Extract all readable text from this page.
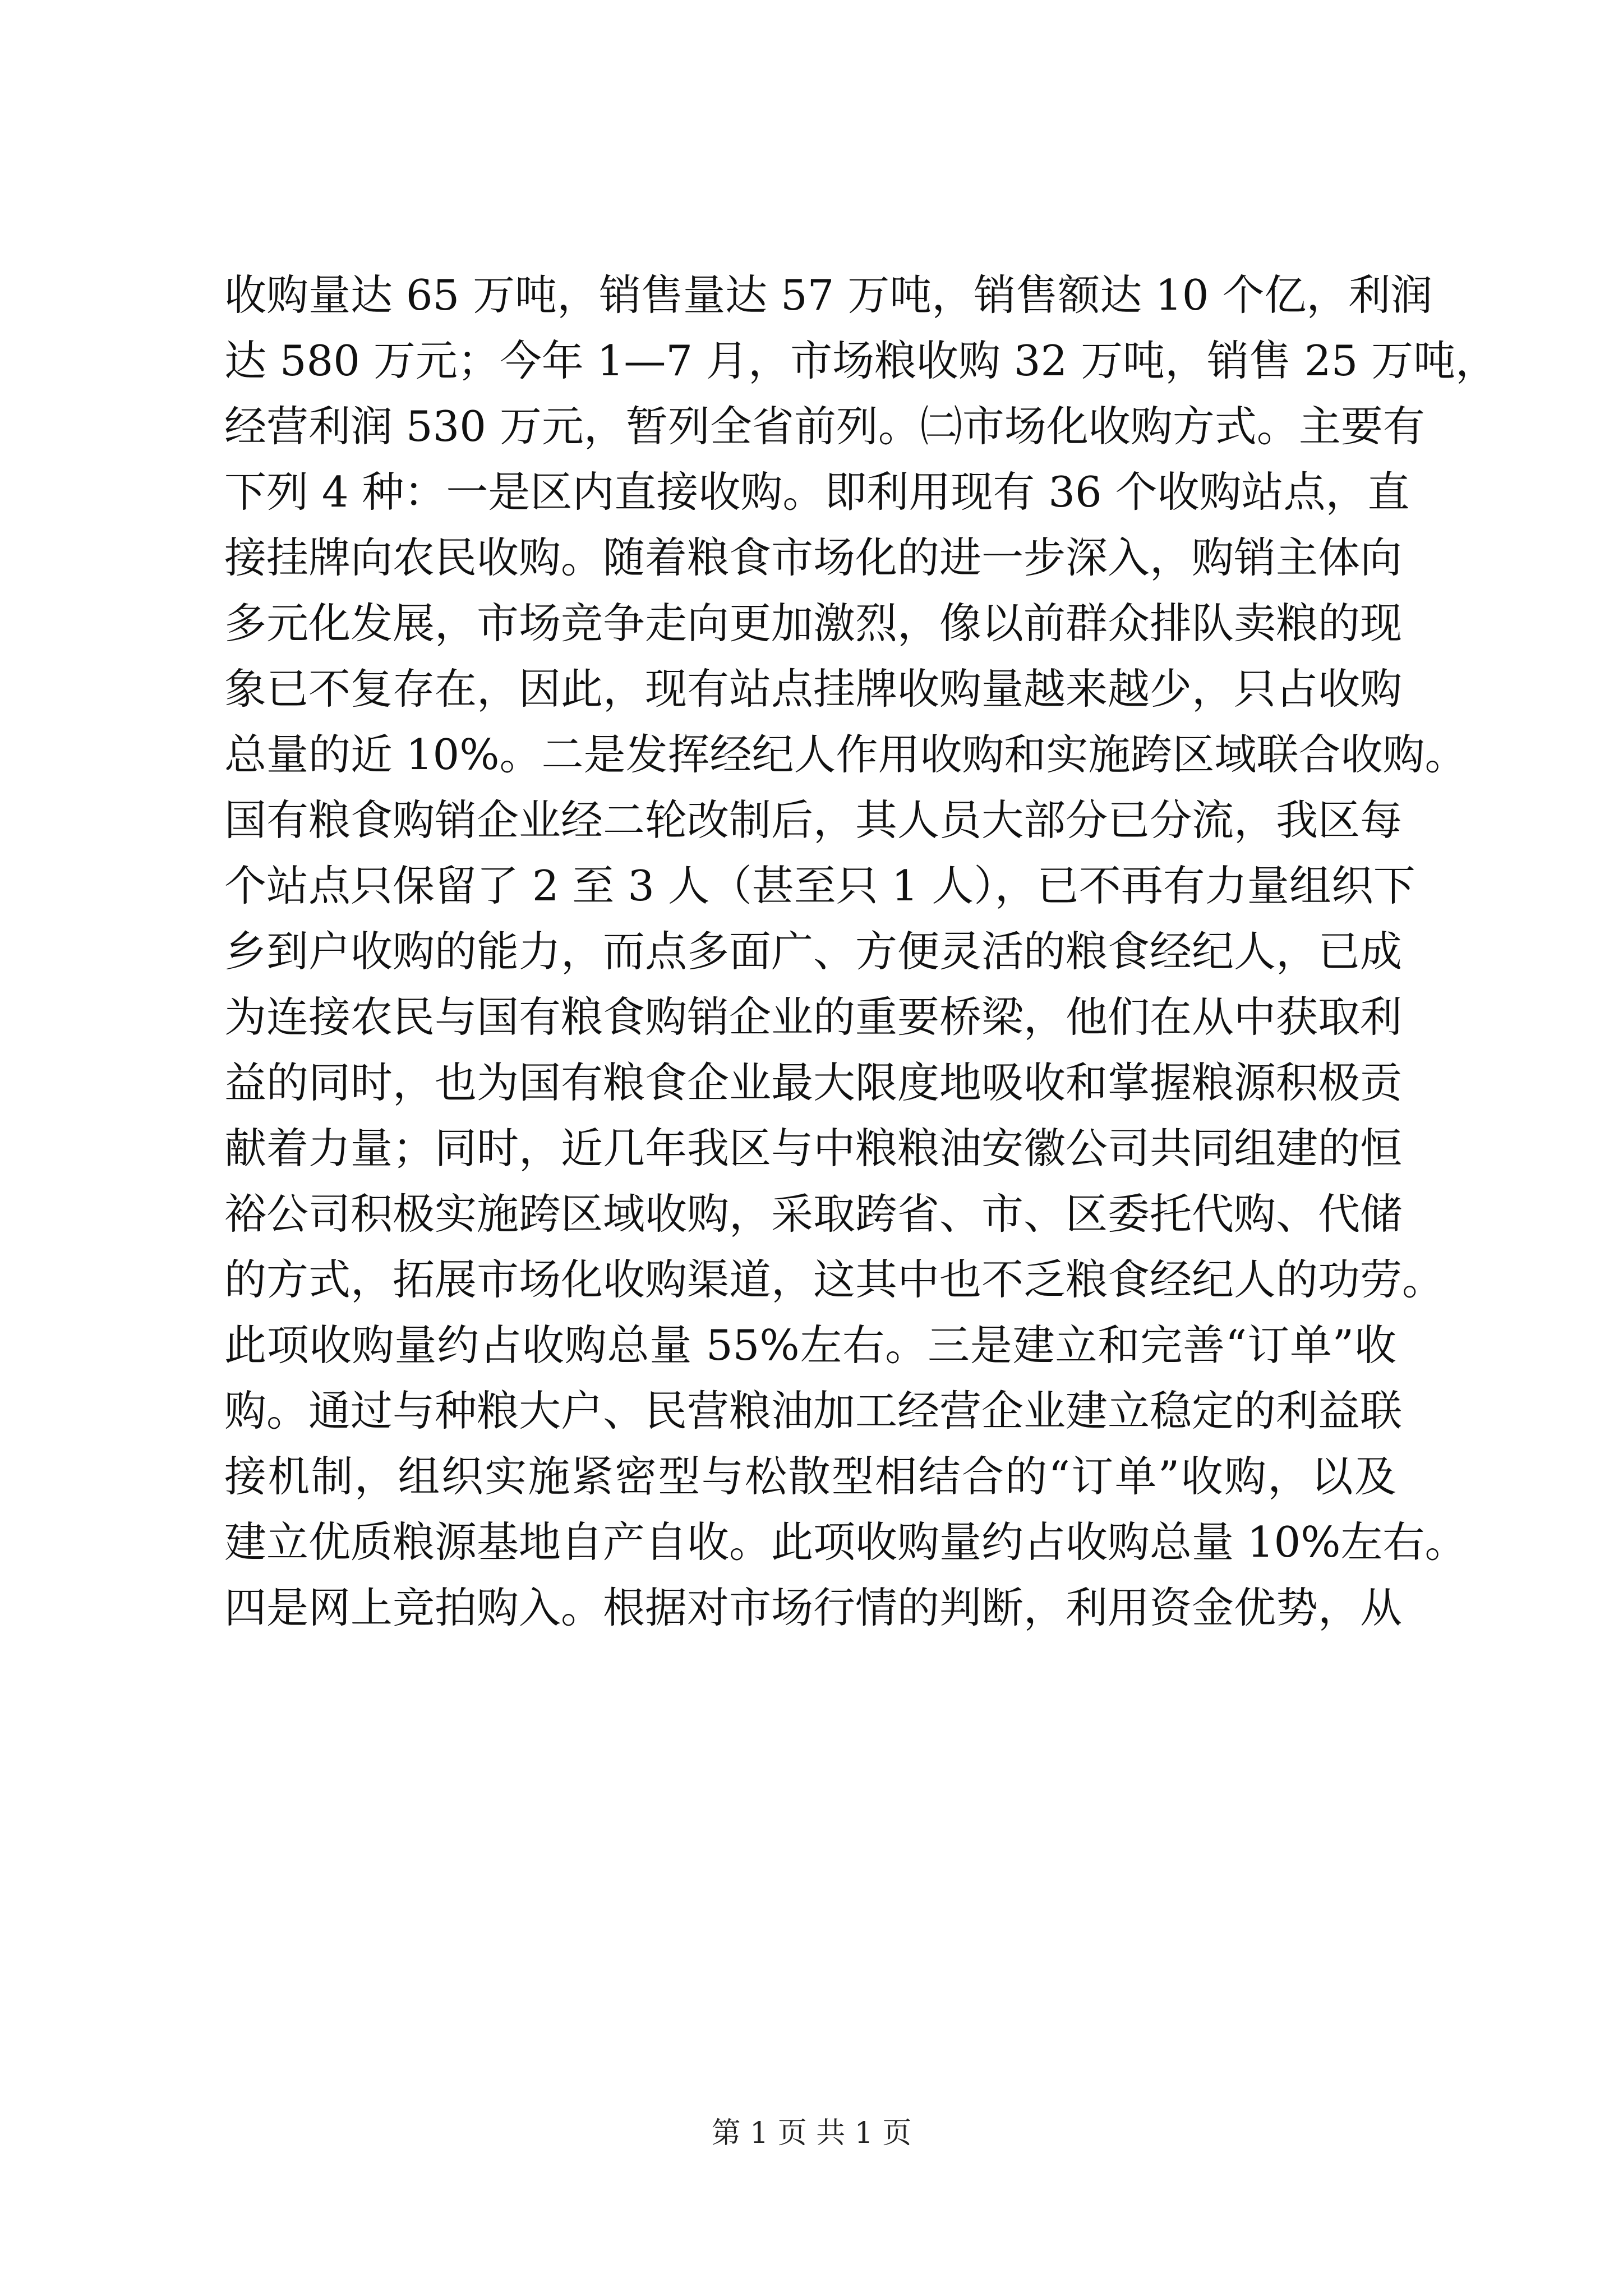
收购量达 65 万吨，销售量达 57 万吨，销售额达 10 个亿，利润
达 580 万元；今年 1—7 月，市场粮收购 32 万吨，销售 25 万吨，
经营利润 530 万元，暂列全省前列。㈡市场化收购方式。主要有
下列 4 种：一是区内直接收购。即利用现有 36 个收购站点，直
接挂牌向农民收购。随着粮食市场化的进一步深入，购销主体向
多元化发展，市场竞争走向更加激烈，像以前群众排队卖粮的现
象已不复存在，因此，现有站点挂牌收购量越来越少，只占收购
总量的近 10%。二是发挥经纪人作用收购和实施跨区域联合收购。
国有粮食购销企业经二轮改制后，其人员大部分已分流，我区每
个站点只保留了 2 至 3 人（甚至只 1 人），已不再有力量组织下
乡到户收购的能力，而点多面广、方便灵活的粮食经纪人，已成
为连接农民与国有粮食购销企业的重要桥梁，他们在从中获取利
益的同时，也为国有粮食企业最大限度地吸收和掌握粮源积极贡
献着力量；同时，近几年我区与中粮粮油安徽公司共同组建的恒
裕公司积极实施跨区域收购，采取跨省、市、区委托代购、代储
的方式，拓展市场化收购渠道，这其中也不乏粮食经纪人的功劳。
此项收购量约占收购总量 55%左右。三是建立和完善“订单”收
购。通过与种粮大户、民营粮油加工经营企业建立稳定的利益联
接机制，组织实施紧密型与松散型相结合的“订单”收购，以及
建立优质粮源基地自产自收。此项收购量约占收购总量 10%左右。
四是网上竞拍购入。根据对市场行情的判断，利用资金优势，从
第 1 页 共 1 页
